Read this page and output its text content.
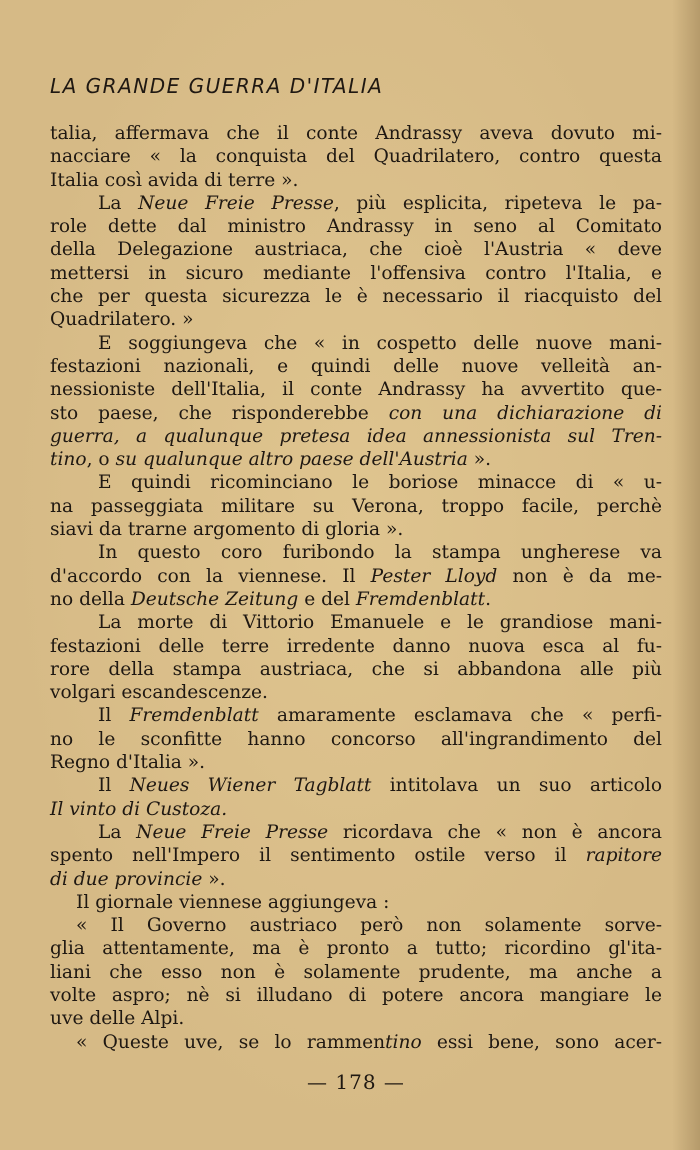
LA GRANDE GUERRA D'ITALIA
talia, affermava che il conte Andrassy aveva dovuto mi-
nacciare « la conquista del Quadrilatero, contro questa
Italia così avida di terre ».
La Neue Freie Presse, più esplicita, ripeteva le pa-
role dette dal ministro Andrassy in seno al Comitato
della Delegazione austriaca, che cioè l'Austria « deve
mettersi in sicuro mediante l'offensiva contro l'Italia, e
che per questa sicurezza le è necessario il riacquisto del
Quadrilatero. »
E soggiungeva che « in cospetto delle nuove mani-
festazioni nazionali, e quindi delle nuove velleità an-
nessioniste dell'Italia, il conte Andrassy ha avvertito que-
sto paese, che risponderebbe con una dichiarazione di
guerra, a qualunque pretesa idea annessionista sul Tren-
tino, o su qualunque altro paese dell'Austria ».
E quindi ricominciano le boriose minacce di « u-
na passeggiata militare su Verona, troppo facile, perchè
siavi da trarne argomento di gloria ».
In questo coro furibondo la stampa ungherese va
d'accordo con la viennese. Il Pester Lloyd non è da me-
no della Deutsche Zeitung e del Fremdenblatt.
La morte di Vittorio Emanuele e le grandiose mani-
festazioni delle terre irredente danno nuova esca al fu-
rore della stampa austriaca, che si abbandona alle più
volgari escandescenze.
Il Fremdenblatt amaramente esclamava che « perfi-
no le sconfitte hanno concorso all'ingrandimento del
Regno d'Italia ».
Il Neues Wiener Tagblatt intitolava un suo articolo
Il vinto di Custoza.
La Neue Freie Presse ricordava che « non è ancora
spento nell'Impero il sentimento ostile verso il rapitore
di due provincie ».
Il giornale viennese aggiungeva :
« Il Governo austriaco però non solamente sorve-
glia attentamente, ma è pronto a tutto; ricordino gl'ita-
liani che esso non è solamente prudente, ma anche a
volte aspro; nè si illudano di potere ancora mangiare le
uve delle Alpi.
« Queste uve, se lo rammentino essi bene, sono acer-
— 178 —
